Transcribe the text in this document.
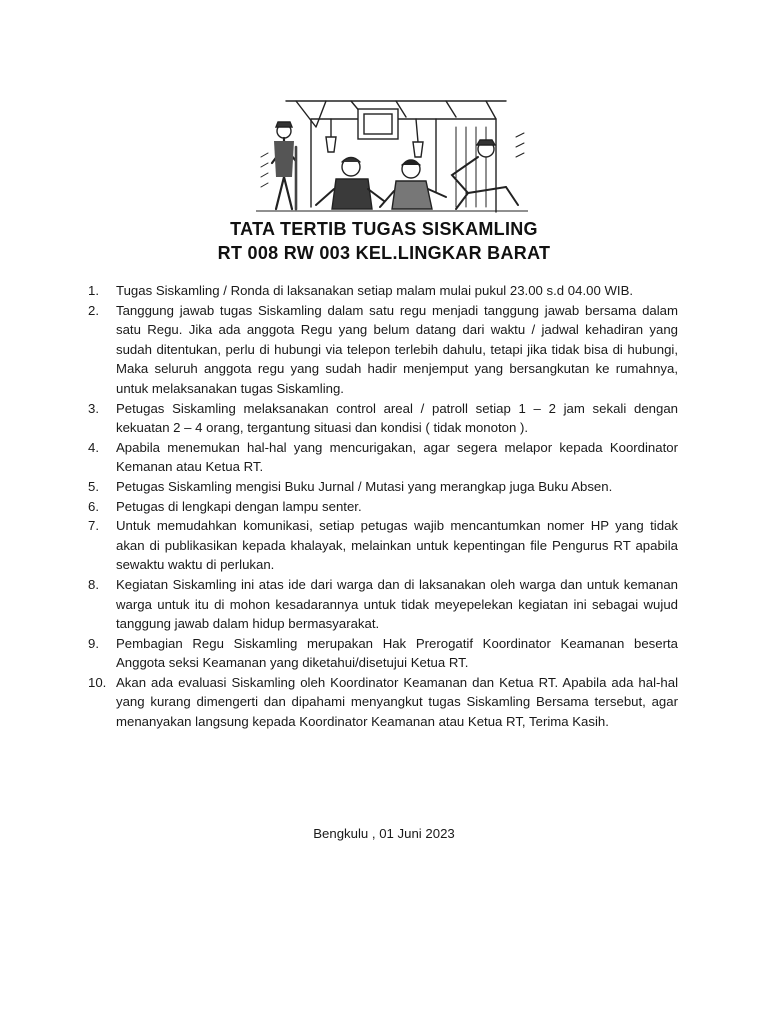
TATA TERTIB TUGAS SISKAMLING
RT 008 RW 003 KEL.LINGKAR BARAT
1.	Tugas Siskamling / Ronda di laksanakan setiap malam mulai pukul 23.00 s.d 04.00 WIB.
2.	Tanggung jawab tugas Siskamling dalam satu regu menjadi tanggung jawab bersama dalam satu Regu. Jika ada anggota Regu yang belum datang dari waktu / jadwal kehadiran yang sudah ditentukan, perlu di hubungi via telepon terlebih dahulu, tetapi jika tidak bisa di hubungi, Maka seluruh anggota regu yang sudah hadir menjemput yang bersangkutan ke rumahnya, untuk melaksanakan tugas Siskamling.
3.	Petugas Siskamling melaksanakan control areal / patroll setiap 1 – 2 jam sekali dengan kekuatan 2 – 4 orang, tergantung situasi dan kondisi ( tidak monoton ).
4.	Apabila menemukan hal-hal yang mencurigakan, agar segera melapor kepada Koordinator Kemanan atau Ketua RT.
5.	Petugas Siskamling mengisi Buku Jurnal / Mutasi yang merangkap juga Buku Absen.
6.	Petugas di lengkapi dengan lampu senter.
7.	Untuk memudahkan komunikasi, setiap petugas wajib mencantumkan nomer HP yang tidak akan di publikasikan kepada khalayak, melainkan untuk kepentingan file Pengurus RT apabila sewaktu waktu di perlukan.
8.	Kegiatan Siskamling ini atas ide dari warga dan di laksanakan oleh warga dan untuk kemanan warga untuk itu di mohon kesadarannya untuk tidak meyepelekan kegiatan ini sebagai wujud tanggung jawab dalam hidup bermasyarakat.
9.	Pembagian Regu Siskamling merupakan Hak Prerogatif Koordinator Keamanan beserta Anggota seksi Keamanan yang diketahui/disetujui Ketua RT.
10. Akan ada evaluasi Siskamling oleh Koordinator Keamanan dan Ketua RT. Apabila ada hal-hal yang kurang dimengerti dan dipahami menyangkut tugas Siskamling Bersama tersebut, agar menanyakan langsung kepada Koordinator Keamanan atau Ketua RT, Terima Kasih.
Bengkulu , 01 Juni 2023
